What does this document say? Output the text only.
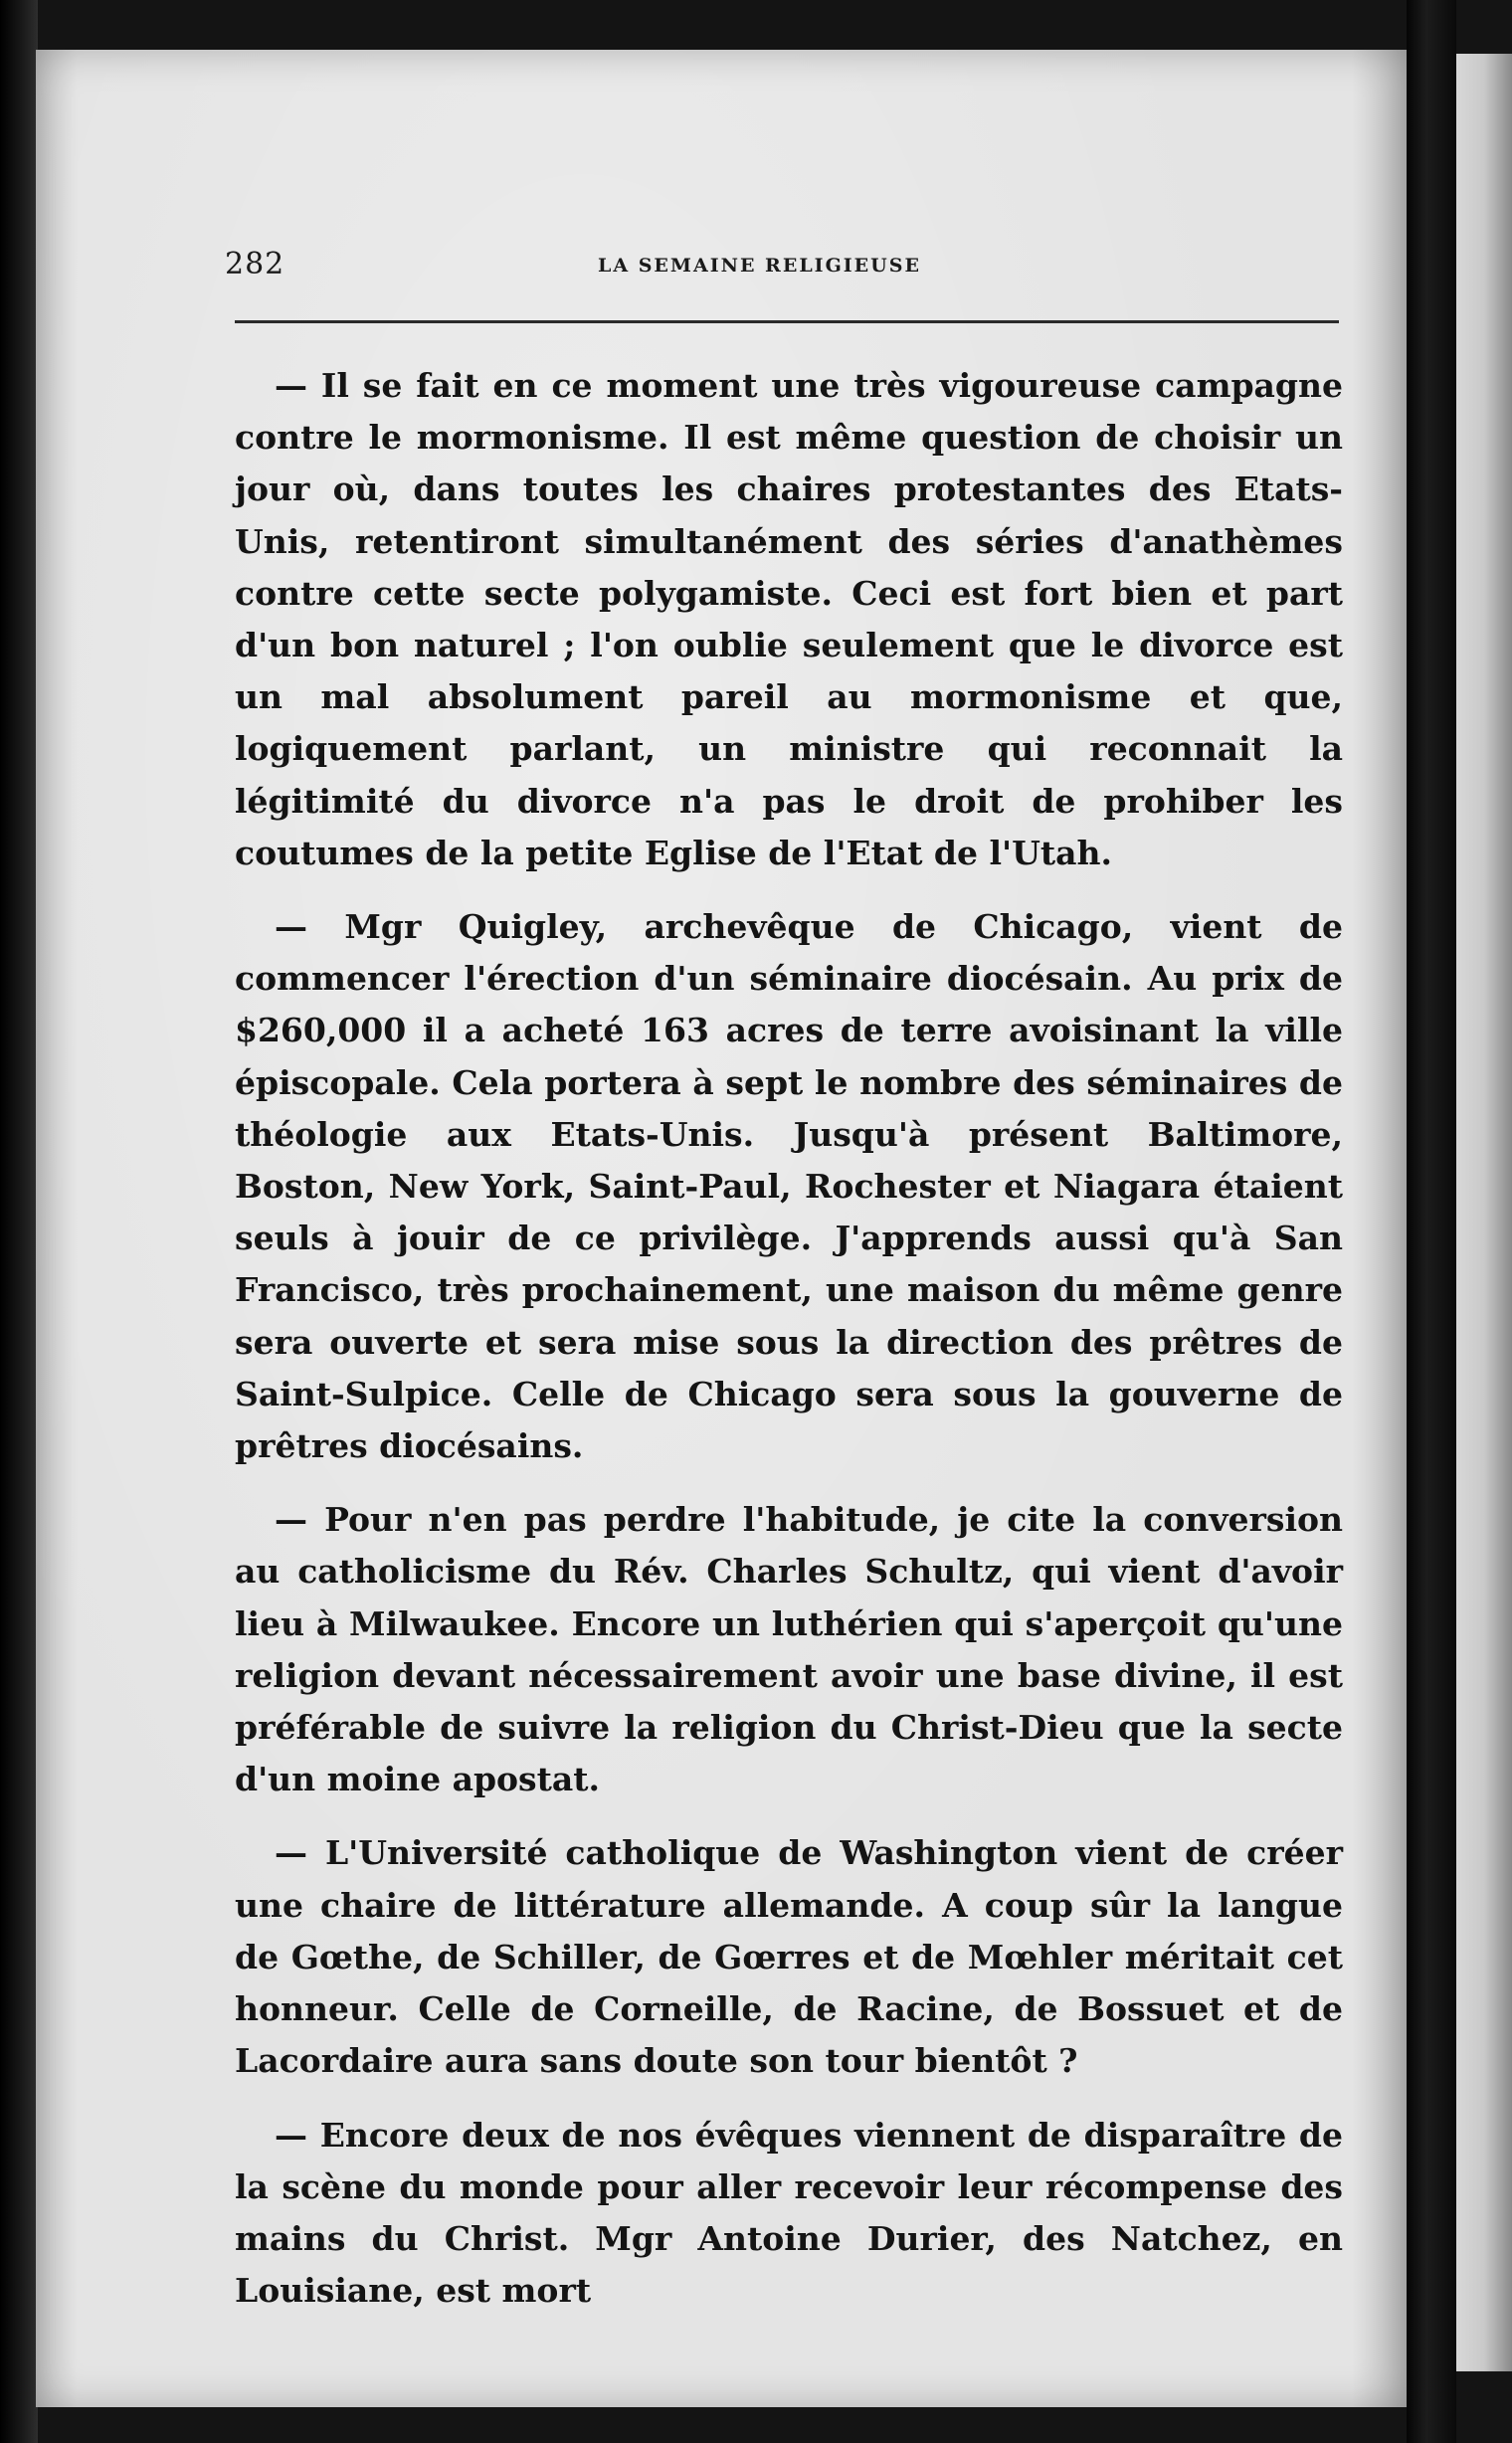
282	LA SEMAINE RELIGIEUSE

— Il se fait en ce moment une très vigoureuse campagne contre le mormonisme. Il est même question de choisir un jour où, dans toutes les chaires protestantes des Etats-Unis, retentiront simultanément des séries d'anathèmes contre cette secte polygamiste. Ceci est fort bien et part d'un bon naturel ; l'on oublie seulement que le divorce est un mal absolument pareil au mormonisme et que, logiquement parlant, un ministre qui reconnait la légitimité du divorce n'a pas le droit de prohiber les coutumes de la petite Eglise de l'Etat de l'Utah.

— Mgr Quigley, archevêque de Chicago, vient de commencer l'érection d'un séminaire diocésain. Au prix de $260,000 il a acheté 163 acres de terre avoisinant la ville épiscopale. Cela portera à sept le nombre des séminaires de théologie aux Etats-Unis. Jusqu'à présent Baltimore, Boston, New York, Saint-Paul, Rochester et Niagara étaient seuls à jouir de ce privilège. J'apprends aussi qu'à San Francisco, très prochainement, une maison du même genre sera ouverte et sera mise sous la direction des prêtres de Saint-Sulpice. Celle de Chicago sera sous la gouverne de prêtres diocésains.

— Pour n'en pas perdre l'habitude, je cite la conversion au catholicisme du Rév. Charles Schultz, qui vient d'avoir lieu à Milwaukee. Encore un luthérien qui s'aperçoit qu'une religion devant nécessairement avoir une base divine, il est préférable de suivre la religion du Christ-Dieu que la secte d'un moine apostat.

— L'Université catholique de Washington vient de créer une chaire de littérature allemande. A coup sûr la langue de Gœthe, de Schiller, de Gœrres et de Mœhler méritait cet honneur. Celle de Corneille, de Racine, de Bossuet et de Lacordaire aura sans doute son tour bientôt ?

— Encore deux de nos évêques viennent de disparaître de la scène du monde pour aller recevoir leur récompense des mains du Christ. Mgr Antoine Durier, des Natchez, en Louisiane, est mort
